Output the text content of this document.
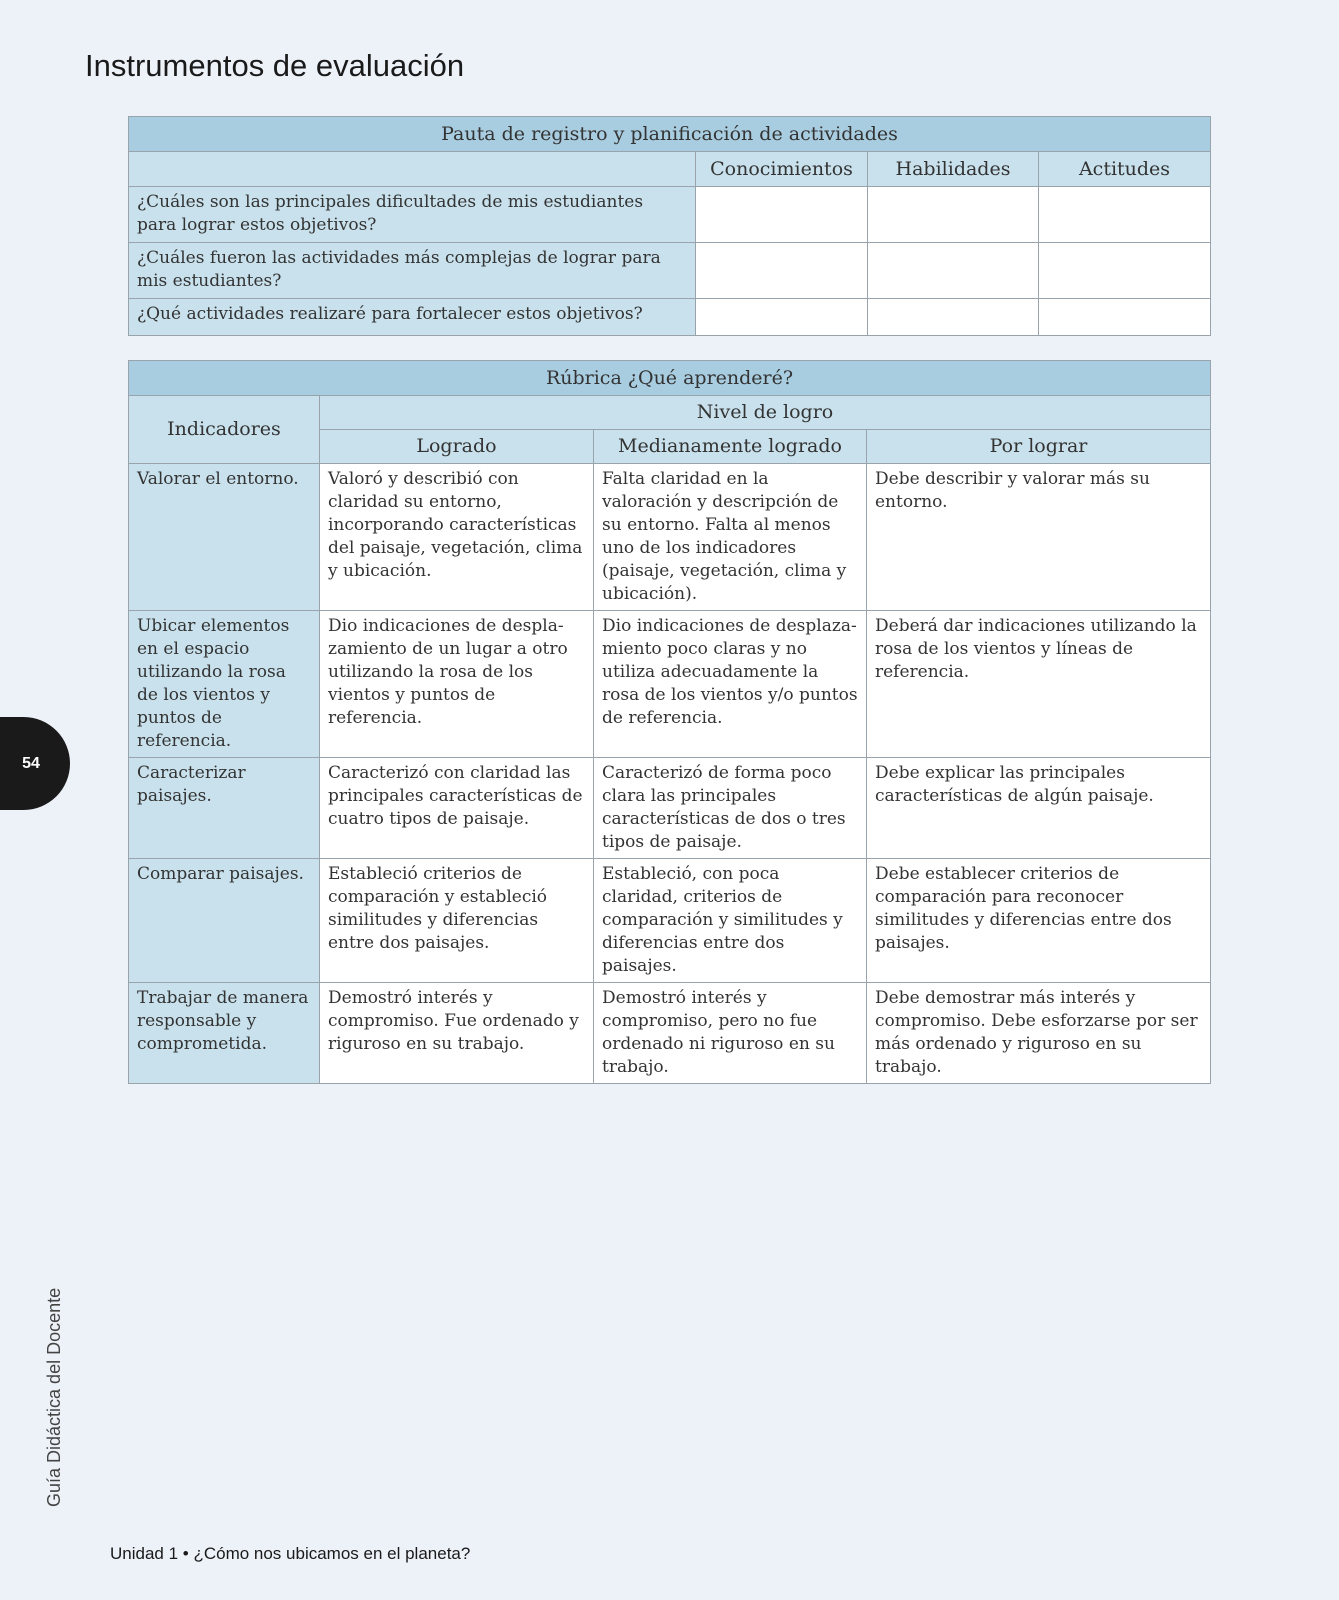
Instrumentos de evaluación
Pauta de registro y planificación de actividades			
	Conocimientos	Habilidades	Actitudes
¿Cuáles son las principales dificultades de mis estudiantes para lograr estos objetivos?			
¿Cuáles fueron las actividades más complejas de lograr para mis estudiantes?			
¿Qué actividades realizaré para fortalecer estos objetivos?			
Rúbrica ¿Qué aprenderé?			
Indicadores	Nivel de logro		
	Logrado	Medianamente logrado	Por lograr
Valorar el entorno.	Valoró y describió con claridad su entorno, incorporando características del paisaje, vegetación, clima y ubicación.	Falta claridad en la valoración y descripción de su entorno. Falta al menos uno de los indicadores (paisaje, vegetación, clima y ubicación).	Debe describir y valorar más su entorno.
Ubicar elementos en el espacio utilizando la rosa de los vientos y puntos de referencia.	Dio indicaciones de desplazamiento de un lugar a otro utilizando la rosa de los vientos y puntos de referencia.	Dio indicaciones de desplazamiento poco claras y no utiliza adecuadamente la rosa de los vientos y/o puntos de referencia.	Deberá dar indicaciones utilizando la rosa de los vientos y líneas de referencia.
Caracterizar paisajes.	Caracterizó con claridad las principales características de cuatro tipos de paisaje.	Caracterizó de forma poco clara las principales características de dos o tres tipos de paisaje.	Debe explicar las principales características de algún paisaje.
Comparar paisajes.	Estableció criterios de comparación y estableció similitudes y diferencias entre dos paisajes.	Estableció, con poca claridad, criterios de comparación y similitudes y diferencias entre dos paisajes.	Debe establecer criterios de comparación para reconocer similitudes y diferencias entre dos paisajes.
Trabajar de manera responsable y comprometida.	Demostró interés y compromiso. Fue ordenado y riguroso en su trabajo.	Demostró interés y compromiso, pero no fue ordenado ni riguroso en su trabajo.	Debe demostrar más interés y compromiso. Debe esforzarse por ser más ordenado y riguroso en su trabajo.
54
Guía Didáctica del Docente
Unidad 1 • ¿Cómo nos ubicamos en el planeta?
